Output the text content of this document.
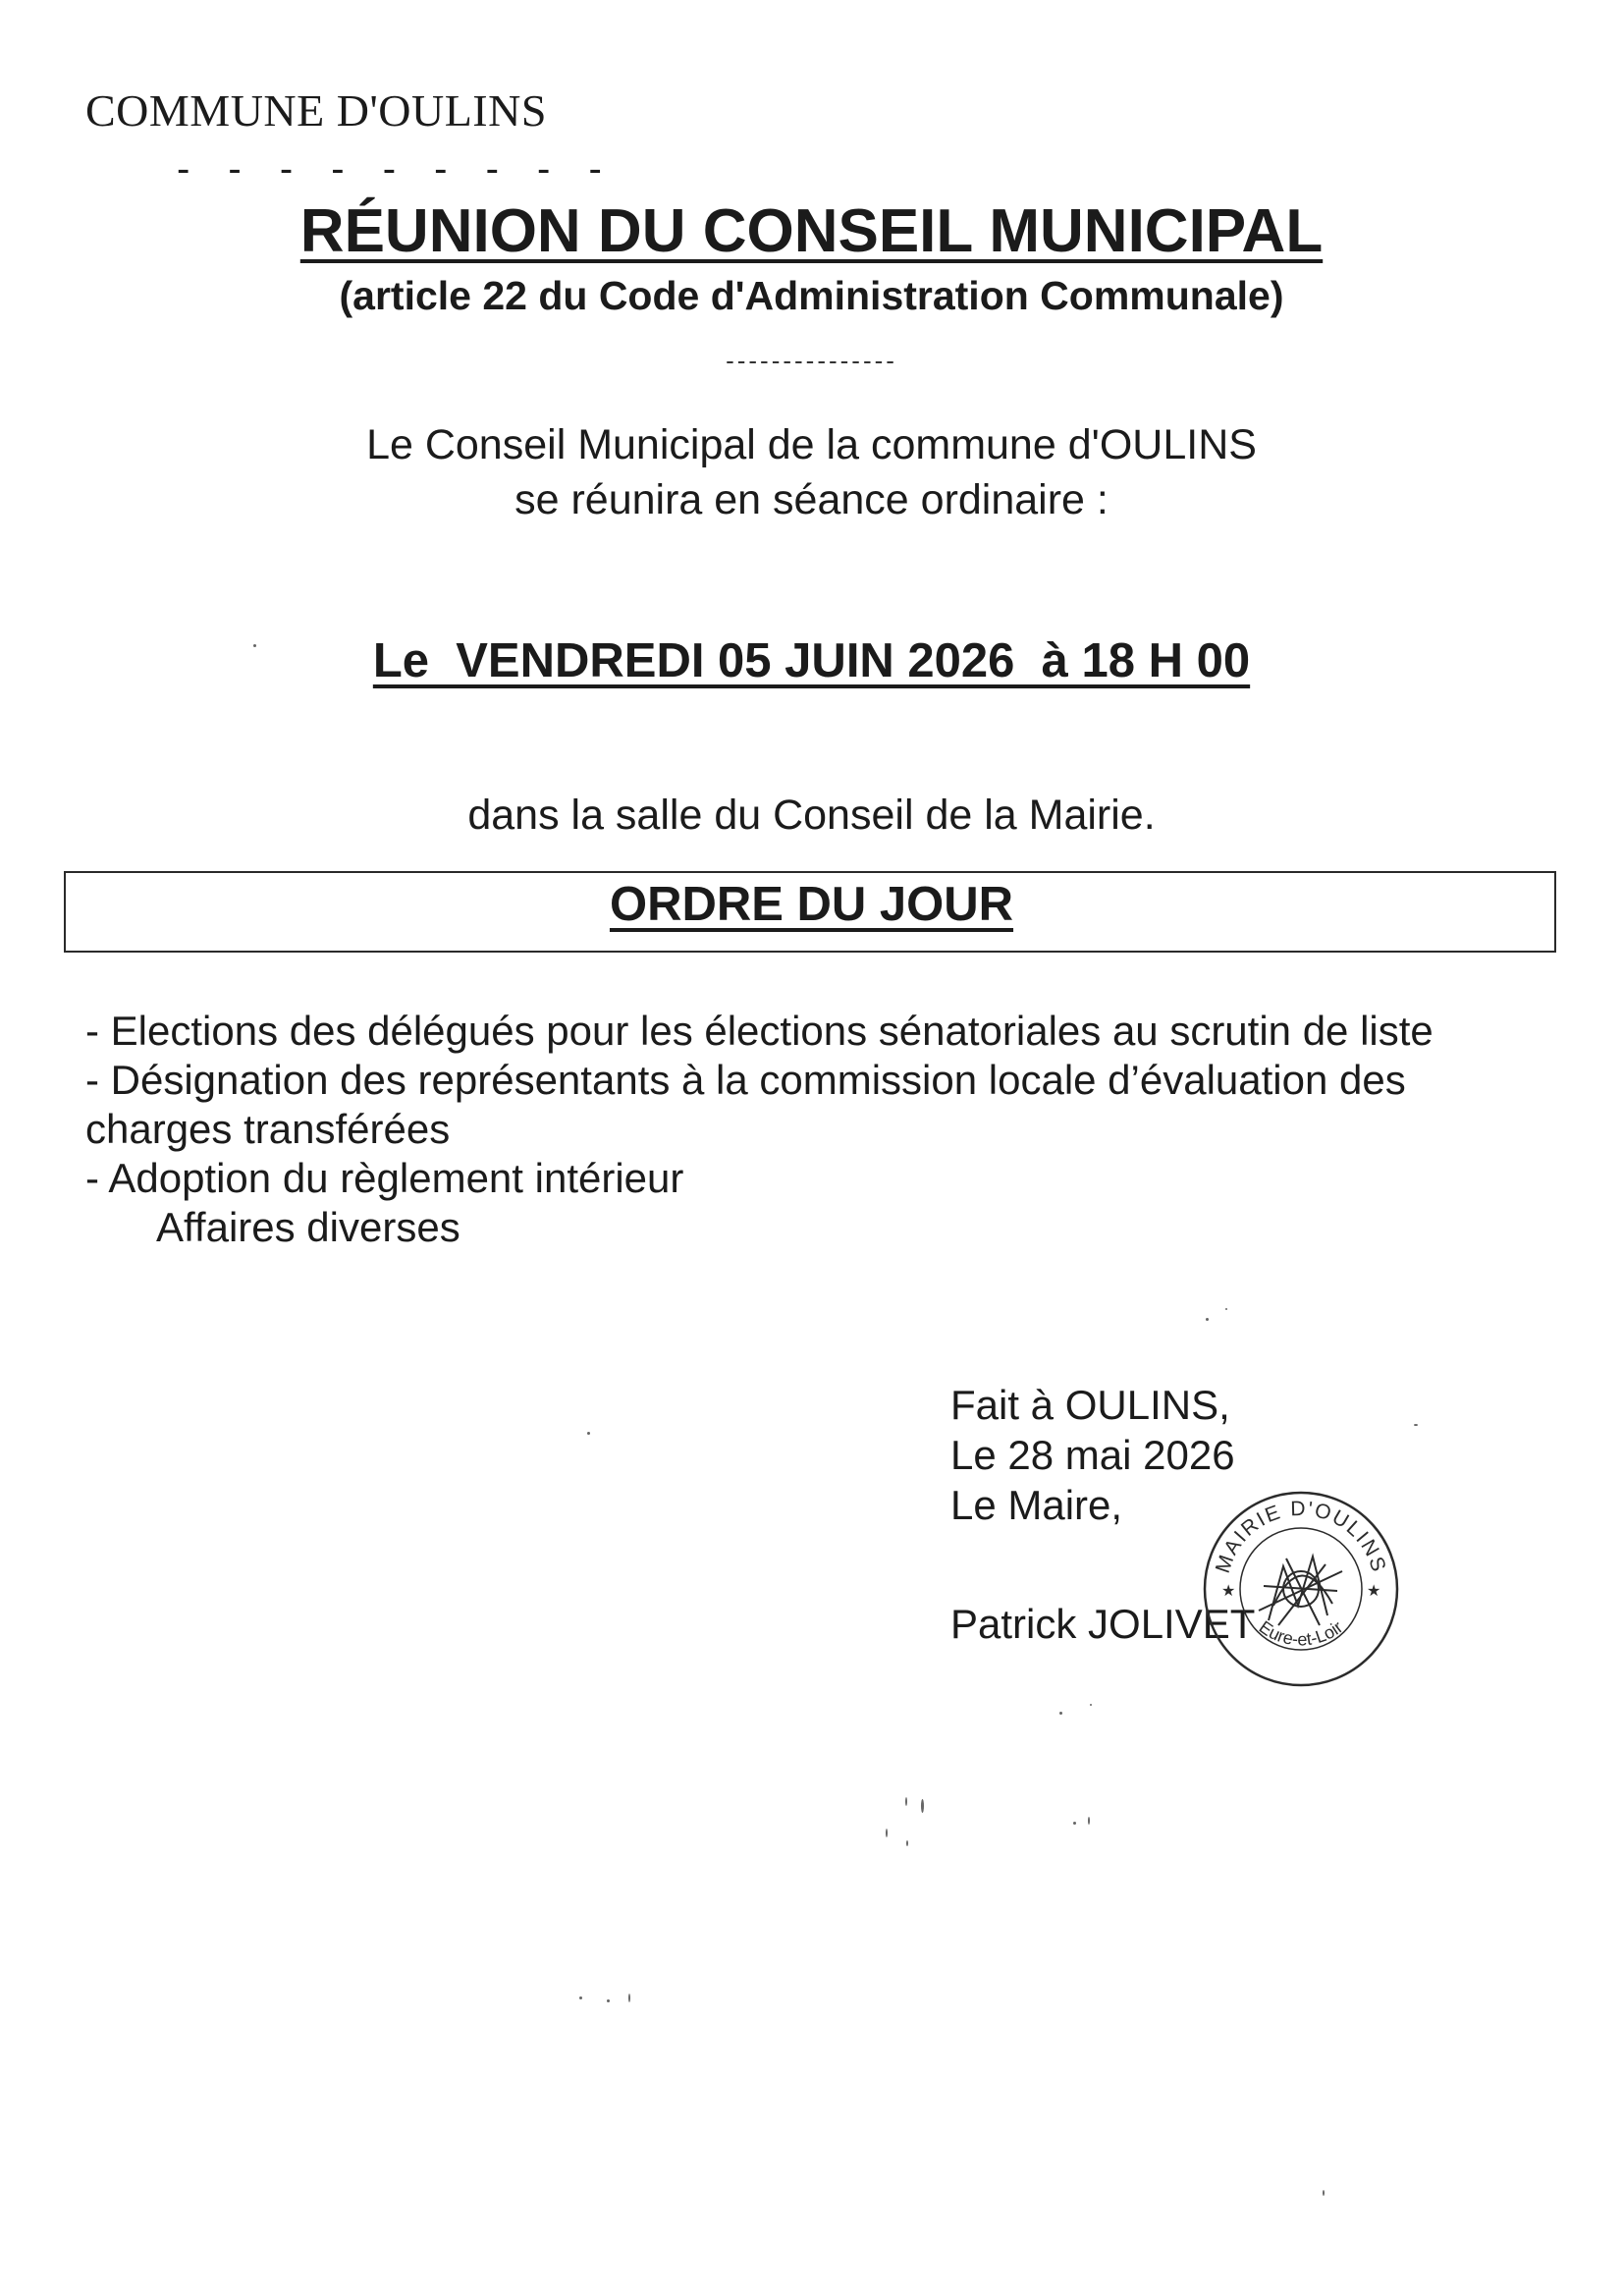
COMMUNE D'OULINS
- - - - - - - - -
RÉUNION DU CONSEIL MUNICIPAL
(article 22 du Code d'Administration Communale)
---------------
Le Conseil Municipal de la commune d'OULINS
se réunira en séance ordinaire :
Le  VENDREDI 05 JUIN 2026  à 18 H 00
dans la salle du Conseil de la Mairie.
ORDRE DU JOUR
- Elections des délégués pour les élections sénatoriales au scrutin de liste
- Désignation des représentants à la commission locale d’évaluation des
charges transférées
- Adoption du règlement intérieur
Affaires diverses
Fait à OULINS,
Le 28 mai 2026
Le Maire,
Patrick JOLIVET
MAIRIE D'OULINS
Eure-et-Loir
★	★
